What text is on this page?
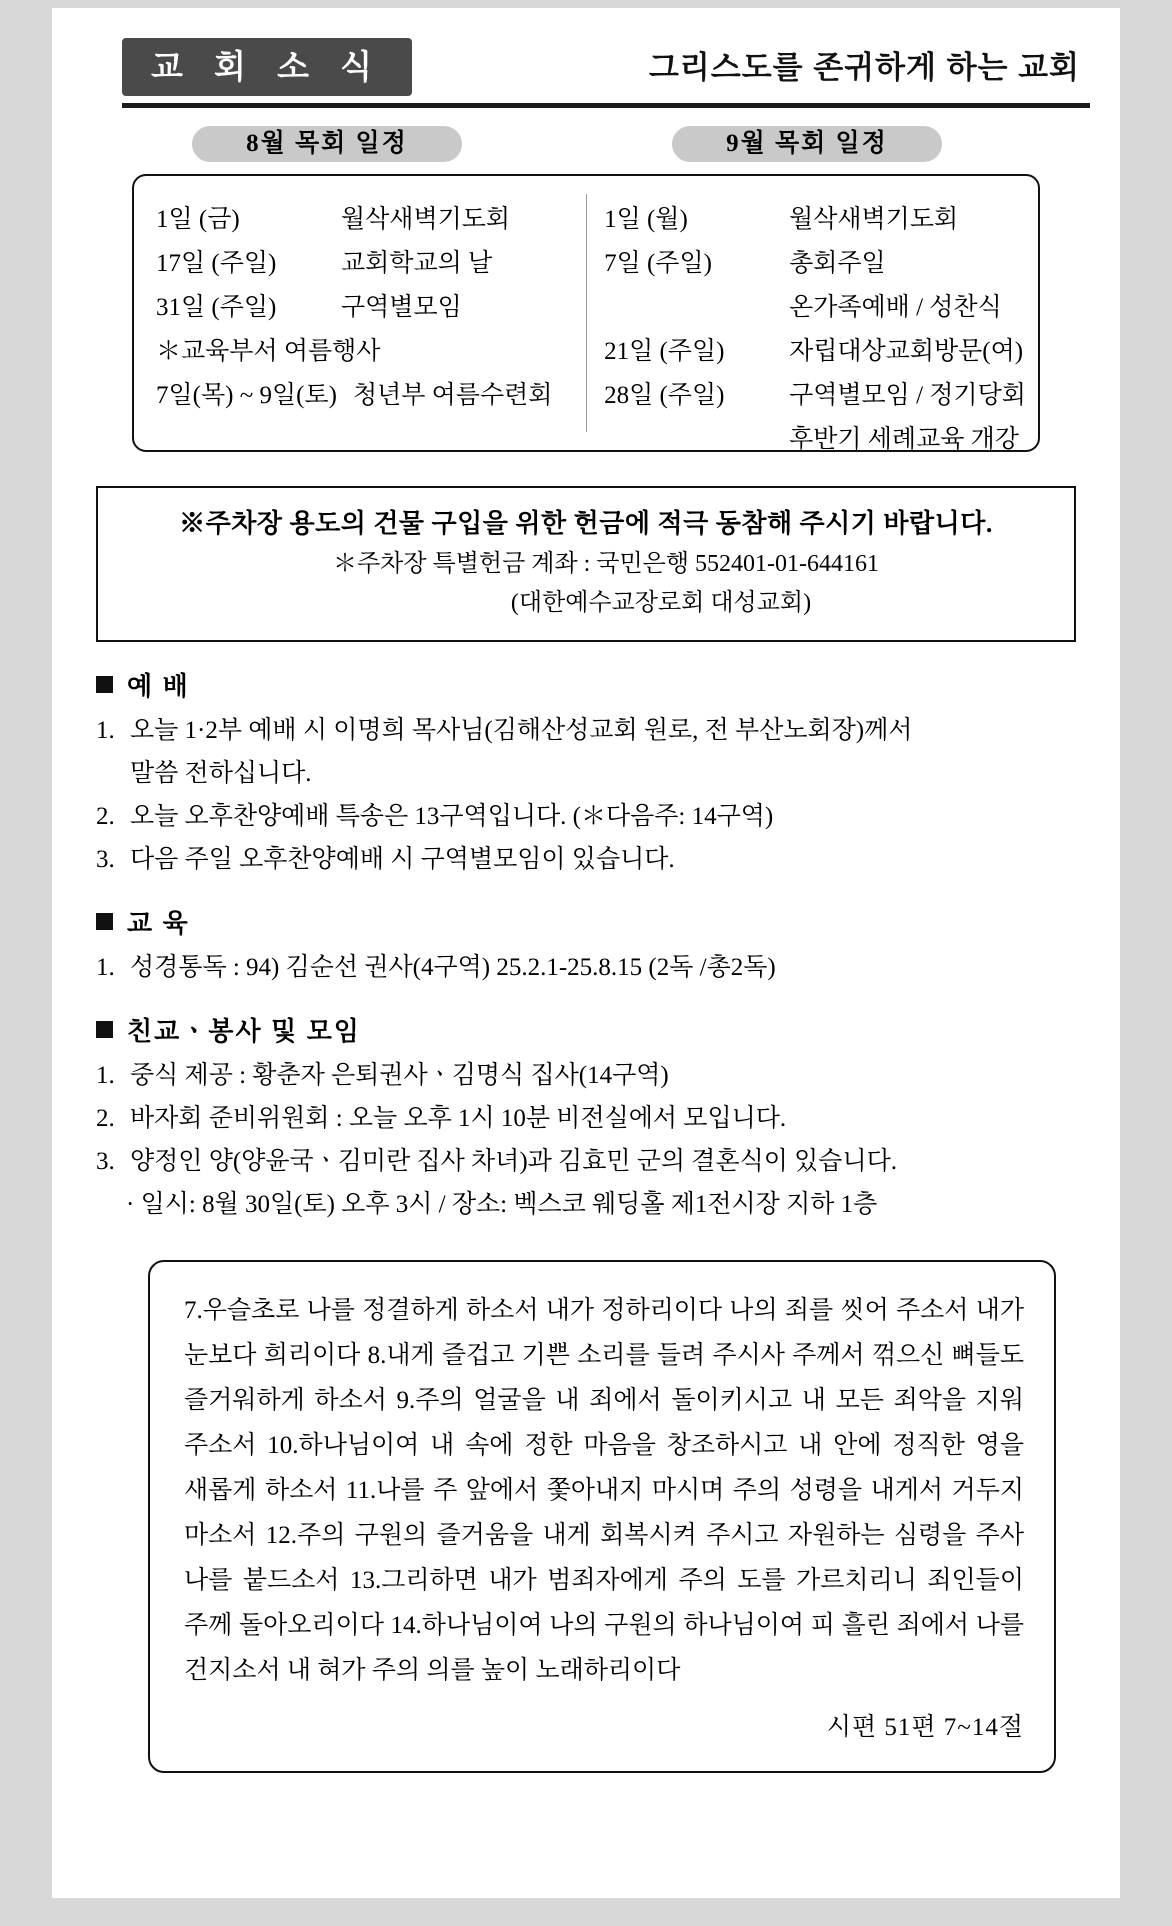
교 회 소 식	그리스도를 존귀하게 하는 교회
8월 목회 일정	9월 목회 일정
1일 (금)	월삭새벽기도회
17일 (주일)	교회학교의 날
31일 (주일)	구역별모임
＊교육부서 여름행사
7일(목) ~ 9일(토) 청년부 여름수련회
1일 (월)	월삭새벽기도회
7일 (주일)	총회주일
온가족예배 / 성찬식
21일 (주일)	자립대상교회방문(여)
28일 (주일)	구역별모임 / 정기당회
후반기 세례교육 개강
※주차장 용도의 건물 구입을 위한 헌금에 적극 동참해 주시기 바랍니다.
＊주차장 특별헌금 계좌 : 국민은행 552401-01-644161
(대한예수교장로회 대성교회)
예 배
1. 오늘 1·2부 예배 시 이명희 목사님(김해산성교회 원로, 전 부산노회장)께서
말씀 전하십니다.
2. 오늘 오후찬양예배 특송은 13구역입니다. (＊다음주: 14구역)
3. 다음 주일 오후찬양예배 시 구역별모임이 있습니다.
교 육
1. 성경통독 : 94) 김순선 권사(4구역) 25.2.1-25.8.15 (2독 /총2독)
친교ㆍ봉사 및 모임
1. 중식 제공 : 황춘자 은퇴권사ㆍ김명식 집사(14구역)
2. 바자회 준비위원회 : 오늘 오후 1시 10분 비전실에서 모입니다.
3. 양정인 양(양윤국ㆍ김미란 집사 차녀)과 김효민 군의 결혼식이 있습니다.
· 일시: 8월 30일(토) 오후 3시 / 장소: 벡스코 웨딩홀 제1전시장 지하 1층

7.우슬초로 나를 정결하게 하소서 내가 정하리이다 나의 죄를 씻어 주소서 내가 눈보다 희리이다 8.내게 즐겁고 기쁜 소리를 들려 주시사 주께서 꺾으신 뼈들도 즐거워하게 하소서 9.주의 얼굴을 내 죄에서 돌이키시고 내 모든 죄악을 지워 주소서 10.하나님이여 내 속에 정한 마음을 창조하시고 내 안에 정직한 영을 새롭게 하소서 11.나를 주 앞에서 쫓아내지 마시며 주의 성령을 내게서 거두지 마소서 12.주의 구원의 즐거움을 내게 회복시켜 주시고 자원하는 심령을 주사 나를 붙드소서 13.그리하면 내가 범죄자에게 주의 도를 가르치리니 죄인들이 주께 돌아오리이다 14.하나님이여 나의 구원의 하나님이여 피 흘린 죄에서 나를 건지소서 내 혀가 주의 의를 높이 노래하리이다

시편 51편 7~14절
